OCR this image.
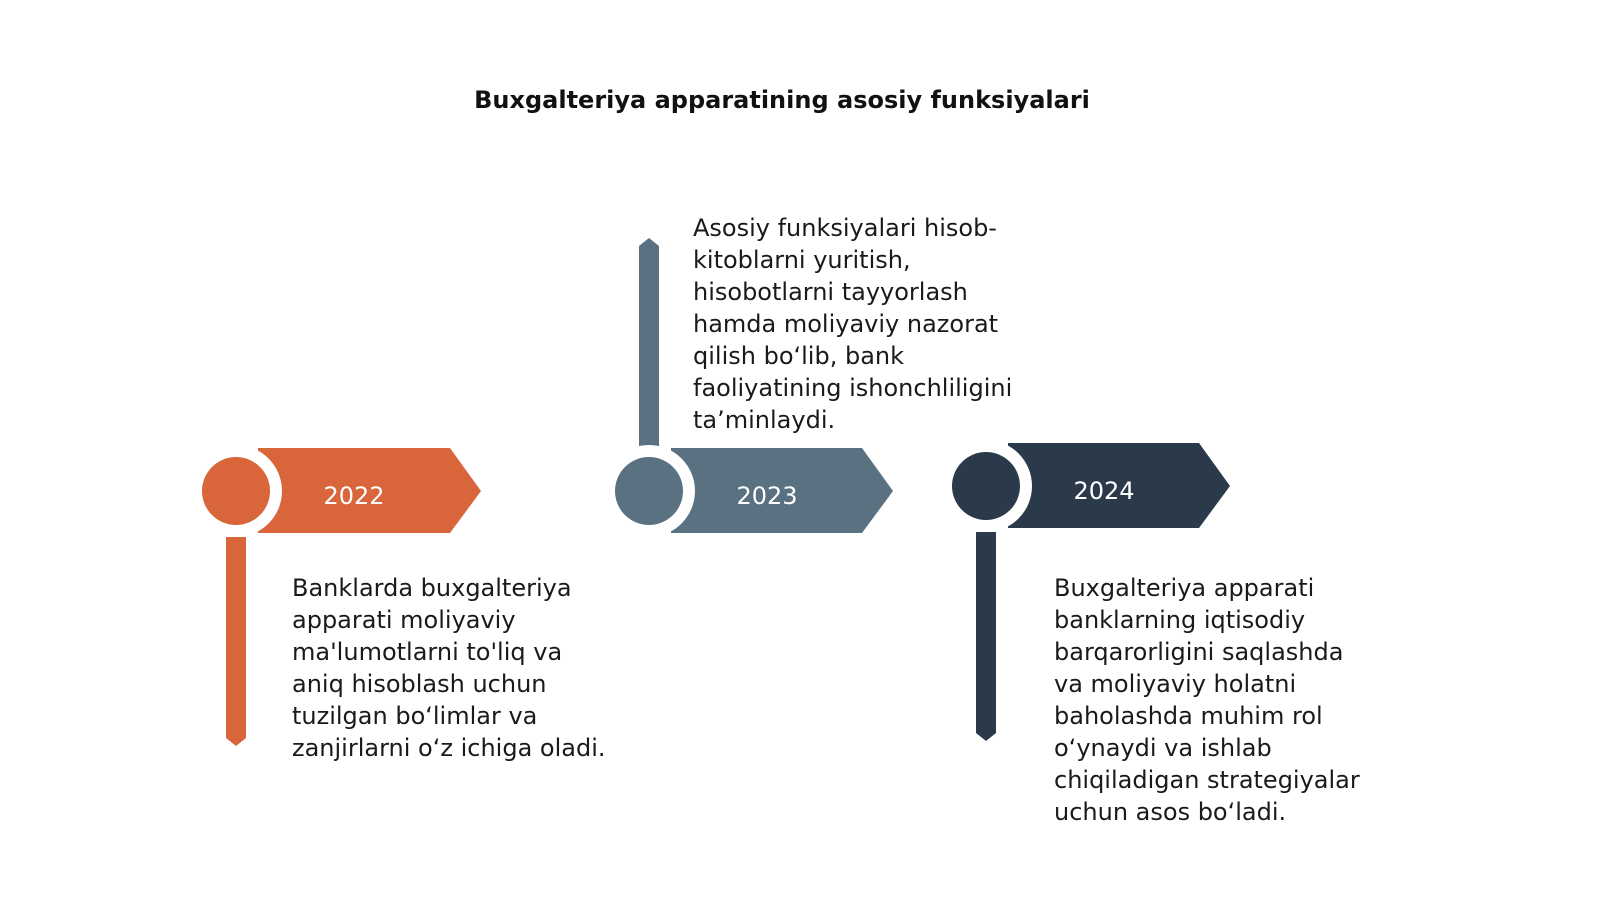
Buxgalteriya apparatining asosiy funksiyalari
2022	2023	2024
Banklarda buxgalteriya
apparati moliyaviy
ma'lumotlarni to'liq va
aniq hisoblash uchun
tuzilgan bo‘limlar va
zanjirlarni o‘z ichiga oladi.
Asosiy funksiyalari hisob-
kitoblarni yuritish,
hisobotlarni tayyorlash
hamda moliyaviy nazorat
qilish bo‘lib, bank
faoliyatining ishonchliligini
ta’minlaydi.
Buxgalteriya apparati
banklarning iqtisodiy
barqarorligini saqlashda
va moliyaviy holatni
baholashda muhim rol
o‘ynaydi va ishlab
chiqiladigan strategiyalar
uchun asos bo‘ladi.
